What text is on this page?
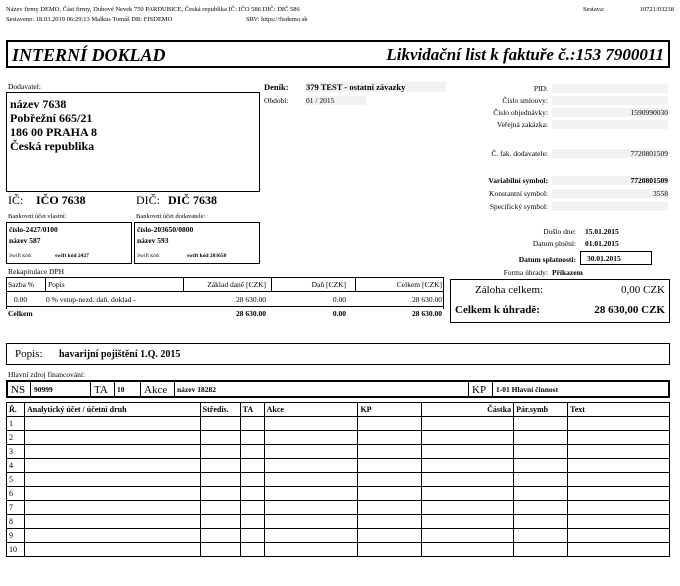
Název firmy DEMO, Část firmy, Dubové Nevek 750 PARDUBICE, Česká republika IČ: IČO 586 DIČ: DIČ 586	Sestava:	10721/03238
Sestaveno: 18.03.2019 06:29:13 Malkus Tomáš DB: FISDEMO	SRV: https://fisdemo.sk
INTERNÍ DOKLAD	Likvidační list k faktuře č.:153 7900011
Dodavatel:
název 7638
Pobřežní 665/21
186 00 PRAHA 8
Česká republika
IČ: IČO 7638	DIČ: DIČ 7638
Deník: 379 TEST - ostatní závazky
Období: 01 / 2015
PID:
Číslo smlouvy:
Číslo objednávky:	1590990030
Veřejná zakázka:
Č. fak. dodavatele:	7720801509
Variabilní symbol:	7720801509
Konstantní symbol:	3558
Specifický symbol:
Bankovní účet vlastní:
číslo-2427/0100
název 587
Swift kód:	swift kód 2427
Bankovní účet dodavatele:
číslo-203650/0800
název 593
Swift kód:	swift kód 203650
Došlo dne: 15.01.2015
Datum plnění: 01.01.2015
Datum splatnosti:	30.01.2015
Forma úhrady: Příkazem
Rekapitulace DPH
Sazba % Popis	Základ daně [CZK]	Daň [CZK]	Celkem [CZK]
0.00	0 % vstup-nezd. daň. doklad -	28 630.00	0.00	28 630.00
Celkem	28 630.00	0.00	28 630.00
Záloha celkem:	0,00 CZK
Celkem k úhradě:	28 630,00 CZK
Popis: havarijní pojištění 1.Q. 2015
Hlavní zdroj financování:
NS 90999	TA 10 Akce název 18282	KP 1-01 Hlavní činnost
Ř.	Analytický účet / účetní druh	Středis.	TA	Akce	KP	Částka	Pár.symb	Text
1								
2								
3								
4								
5								
6								
7								
8								
9								
10								
